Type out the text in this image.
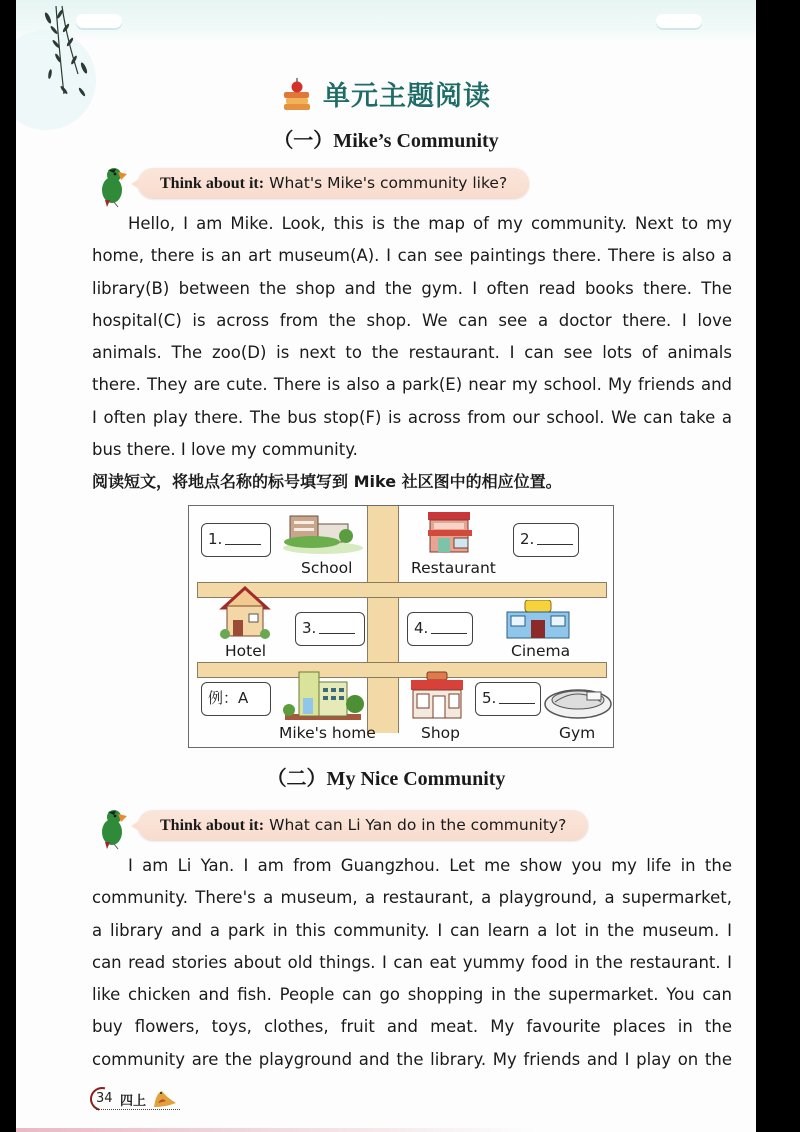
单元主题阅读
（一）Mike’s Community
Think about it: What's Mike's community like?
Hello, I am Mike. Look, this is the map of my community. Next to my
home, there is an art museum(A). I can see paintings there. There is also a
library(B) between the shop and the gym. I often read books there. The
hospital(C) is across from the shop. We can see a doctor there. I love
animals. The zoo(D) is next to the restaurant. I can see lots of animals
there. They are cute. There is also a park(E) near my school. My friends and
I often play there. The bus stop(F) is across from our school. We can take a
bus there. I love my community.
阅读短文，将地点名称的标号填写到 Mike 社区图中的相应位置。
1.
School	Restaurant
2.
Hotel
3.	4.
Cinema
例：A
Mike's home	Shop
5.
Gym
（二）My Nice Community
Think about it: What can Li Yan do in the community?
I am Li Yan. I am from Guangzhou. Let me show you my life in the
community. There's a museum, a restaurant, a playground, a supermarket,
a library and a park in this community. I can learn a lot in the museum. I
can read stories about old things. I can eat yummy food in the restaurant. I
like chicken and fish. People can go shopping in the supermarket. You can
buy flowers, toys, clothes, fruit and meat. My favourite places in the
community are the playground and the library. My friends and I play on the
34 四上
